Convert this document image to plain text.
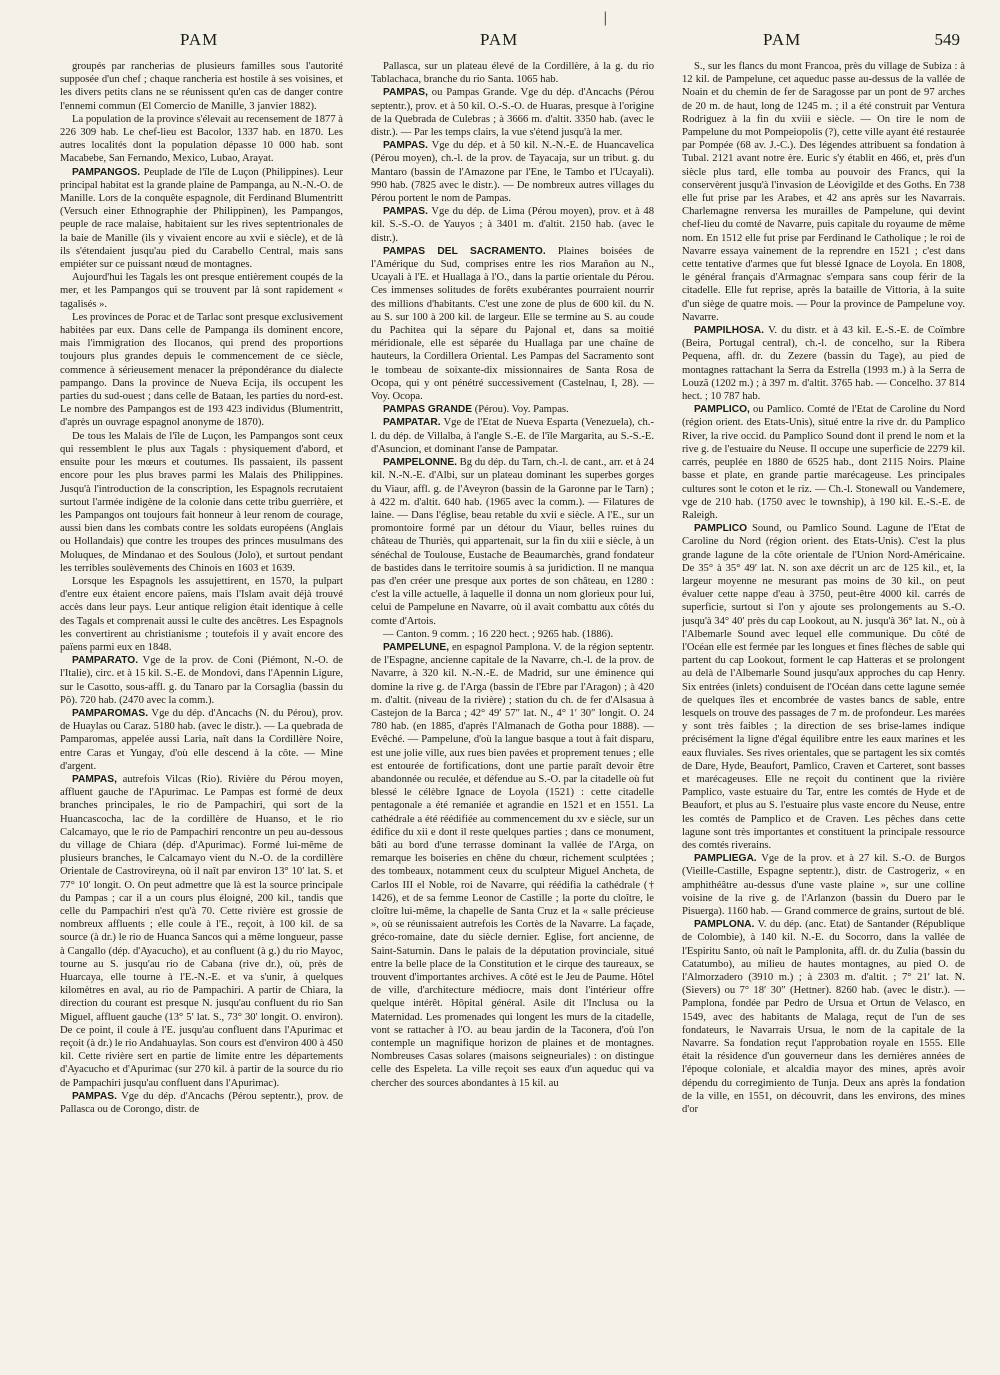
|
PAM	PAM	PAM	549

groupés par rancherias de plusieurs familles sous l'autorité supposée d'un chef ; chaque rancheria est hostile à ses voisines, et les divers petits clans ne se réunissent qu'en cas de danger contre l'ennemi commun (El Comercio de Manille, 3 janvier 1882).

La population de la province s'élevait au recensement de 1877 à 226 309 hab. Le chef-lieu est Bacolor, 1337 hab. en 1870. Les autres localités dont la population dépasse 10 000 hab. sont Macabebe, San Fernando, Mexico, Lubao, Arayat.

PAMPANGOS. Peuplade de l'île de Luçon (Philippines). Leur principal habitat est la grande plaine de Pampanga, au N.-N.-O. de Manille. Lors de la conquête espagnole, dit Ferdinand Blumentritt (Versuch einer Ethnographie der Philippinen), les Pampangos, peuple de race malaise, habitaient sur les rives septentrionales de la baie de Manille (ils y vivaient encore au xvii e siècle), et de là ils s'étendaient jusqu'au pied du Carabello Central, mais sans empiéter sur ce puissant nœud de montagnes.

Aujourd'hui les Tagals les ont presque entièrement coupés de la mer, et les Pampangos qui se trouvent par là sont rapidement « tagalisés ».

Les provinces de Porac et de Tarlac sont presque exclusivement habitées par eux. Dans celle de Pampanga ils dominent encore, mais l'immigration des Ilocanos, qui prend des proportions toujours plus grandes depuis le commencement de ce siècle, commence à sérieusement menacer la prépondérance du dialecte pampango. Dans la province de Nueva Ecija, ils occupent les parties du sud-ouest ; dans celle de Bataan, les parties du nord-est. Le nombre des Pampangos est de 193 423 individus (Blumentritt, d'après un ouvrage espagnol anonyme de 1870).

De tous les Malais de l'île de Luçon, les Pampangos sont ceux qui ressemblent le plus aux Tagals : physiquement d'abord, et ensuite pour les mœurs et coutumes. Ils passaient, ils passent encore pour les plus braves parmi les Malais des Philippines. Jusqu'à l'introduction de la conscription, les Espagnols recrutaient surtout l'armée indigène de la colonie dans cette tribu guerrière, et les Pampangos ont toujours fait honneur à leur renom de courage, aussi bien dans les combats contre les soldats européens (Anglais ou Hollandais) que contre les troupes des princes musulmans des Moluques, de Mindanao et des Soulous (Jolo), et surtout pendant les terribles soulèvements des Chinois en 1603 et 1639.

Lorsque les Espagnols les assujettirent, en 1570, la pulpart d'entre eux étaient encore païens, mais l'Islam avait déjà trouvé accès dans leur pays. Leur antique religion était identique à celle des Tagals et comprenait aussi le culte des ancêtres. Les Espagnols les convertirent au christianisme ; toutefois il y avait encore des païens parmi eux en 1848.

PAMPARATO. Vge de la prov. de Coni (Piémont, N.-O. de l'Italie), circ. et à 15 kil. S.-E. de Mondovi, dans l'Apennin Ligure, sur le Casotto, sous-affl. g. du Tanaro par la Corsaglia (bassin du Pô). 720 hab. (2470 avec la comm.).

PAMPAROMAS. Vge du dép. d'Ancachs (N. du Pérou), prov. de Huaylas ou Caraz. 5180 hab. (avec le distr.). — La quebrada de Pamparomas, appelée aussi Laria, naît dans la Cordillère Noire, entre Caras et Yungay, d'où elle descend à la côte. — Mine d'argent.

PAMPAS, autrefois Vilcas (Rio). Rivière du Pérou moyen, affluent gauche de l'Apurimac. Le Pampas est formé de deux branches principales, le rio de Pampachiri, qui sort de la Huancascocha, lac de la cordillère de Huanso, et le rio Calcamayo, que le rio de Pampachiri rencontre un peu au-dessous du village de Chiara (dép. d'Apurimac). Formé lui-même de plusieurs branches, le Calcamayo vient du N.-O. de la cordillère Orientale de Castrovireyna, où il naît par environ 13° 10′ lat. S. et 77° 10′ longit. O. On peut admettre que là est la source principale du Pampas ; car il a un cours plus éloigné, 200 kil., tandis que celle du Pampachiri n'est qu'à 70. Cette rivière est grossie de nombreux affluents ; elle coule à l'E., reçoit, à 100 kil. de sa source (à dr.) le rio de Huanca Sancos qui a même longueur, passe à Cangallo (dép. d'Ayacucho), et au confluent (à g.) du rio Mayoc, tourne au S. jusqu'au rio de Cabana (rive dr.), où, près de Huarcaya, elle tourne à l'E.-N.-E. et va s'unir, à quelques kilomètres en aval, au rio de Pampachiri. A partir de Chiara, la direction du courant est presque N. jusqu'au confluent du rio San Miguel, affluent gauche (13° 5′ lat. S., 73° 30′ longit. O. environ). De ce point, il coule à l'E. jusqu'au confluent dans l'Apurimac et reçoit (à dr.) le rio Andahuaylas. Son cours est d'environ 400 à 450 kil. Cette rivière sert en partie de limite entre les départements d'Ayacucho et d'Apurimac (sur 270 kil. à partir de la source du rio de Pampachiri jusqu'au confluent dans l'Apurimac).

PAMPAS. Vge du dép. d'Ancachs (Pérou septentr.), prov. de Pallasca ou de Corongo, distr. de

Pallasca, sur un plateau élevé de la Cordillère, à la g. du rio Tablachaca, branche du rio Santa. 1065 hab.

PAMPAS, ou Pampas Grande. Vge du dép. d'Ancachs (Pérou septentr.), prov. et à 50 kil. O.-S.-O. de Huaras, presque à l'origine de la Quebrada de Culebras ; à 3666 m. d'altit. 3350 hab. (avec le distr.). — Par les temps clairs, la vue s'étend jusqu'à la mer.

PAMPAS. Vge du dép. et à 50 kil. N.-N.-E. de Huancavelica (Pérou moyen), ch.-l. de la prov. de Tayacaja, sur un tribut. g. du Mantaro (bassin de l'Amazone par l'Ene, le Tambo et l'Ucayali). 990 hab. (7825 avec le distr.). — De nombreux autres villages du Pérou portent le nom de Pampas.

PAMPAS. Vge du dép. de Lima (Pérou moyen), prov. et à 48 kil. S.-S.-O. de Yauyos ; à 3401 m. d'altit. 2150 hab. (avec le distr.).

PAMPAS DEL SACRAMENTO. Plaines boisées de l'Amérique du Sud, comprises entre les rios Marañon au N., Ucayali à l'E. et Huallaga à l'O., dans la partie orientale du Pérou. Ces immenses solitudes de forêts exubérantes pourraient nourrir des millions d'habitants. C'est une zone de plus de 600 kil. du N. au S. sur 100 à 200 kil. de largeur. Elle se termine au S. au coude du Pachitea qui la sépare du Pajonal et, dans sa moitié méridionale, elle est séparée du Huallaga par une chaîne de hauteurs, la Cordillera Oriental. Les Pampas del Sacramento sont le tombeau de soixante-dix missionnaires de Santa Rosa de Ocopa, qui y ont pénétré successivement (Castelnau, I, 28). — Voy. Ocopa.

PAMPAS GRANDE (Pérou). Voy. Pampas.

PAMPATAR. Vge de l'Etat de Nueva Esparta (Venezuela), ch.-l. du dép. de Villalba, à l'angle S.-E. de l'île Margarita, au S.-S.-E. d'Asuncion, et dominant l'anse de Pampatar.

PAMPELONNE. Bg du dép. du Tarn, ch.-l. de cant., arr. et à 24 kil. N.-N.-E. d'Albi, sur un plateau dominant les superbes gorges du Viaur, affl. g. de l'Aveyron (bassin de la Garonne par le Tarn) ; à 422 m. d'altit. 640 hab. (1965 avec la comm.). — Filatures de laine. — Dans l'église, beau retable du xvii e siècle. A l'E., sur un promontoire formé par un détour du Viaur, belles ruines du château de Thuriès, qui appartenait, sur la fin du xiii e siècle, à un sénéchal de Toulouse, Eustache de Beaumarchès, grand fondateur de bastides dans le territoire soumis à sa juridiction. Il ne manqua pas d'en créer une presque aux portes de son château, en 1280 : c'est la ville actuelle, à laquelle il donna un nom glorieux pour lui, celui de Pampelune en Navarre, où il avait combattu aux côtés du comte d'Artois.

— Canton. 9 comm. ; 16 220 hect. ; 9265 hab. (1886).

PAMPELUNE, en espagnol Pamplona. V. de la région septentr. de l'Espagne, ancienne capitale de la Navarre, ch.-l. de la prov. de Navarre, à 320 kil. N.-N.-E. de Madrid, sur une éminence qui domine la rive g. de l'Arga (bassin de l'Ebre par l'Aragon) ; à 420 m. d'altit. (niveau de la rivière) ; station du ch. de fer d'Alsasua à Castejon de la Barca ; 42° 49′ 57″ lat. N., 4° 1′ 30″ longit. O. 24 780 hab. (en 1885, d'après l'Almanach de Gotha pour 1888). — Evêché. — Pampelune, d'où la langue basque a tout à fait disparu, est une jolie ville, aux rues bien pavées et proprement tenues ; elle est entourée de fortifications, dont une partie paraît devoir être abandonnée ou reculée, et défendue au S.-O. par la citadelle où fut blessé le célèbre Ignace de Loyola (1521) : cette citadelle pentagonale a été remaniée et agrandie en 1521 et en 1551. La cathédrale a été réédifiée au commencement du xv e siècle, sur un édifice du xii e dont il reste quelques parties ; dans ce monument, bâti au bord d'une terrasse dominant la vallée de l'Arga, on remarque les boiseries en chêne du chœur, richement sculptées ; des tombeaux, notamment ceux du sculpteur Miguel Ancheta, de Carlos III el Noble, roi de Navarre, qui réédifia la cathédrale († 1426), et de sa femme Leonor de Castille ; la porte du cloître, le cloître lui-même, la chapelle de Santa Cruz et la « salle précieuse », où se réunissaient autrefois les Cortès de la Navarre. La façade, gréco-romaine, date du siècle dernier. Eglise, fort ancienne, de Saint-Saturnin. Dans le palais de la députation provinciale, situé entre la belle place de la Constitution et le cirque des taureaux, se trouvent d'importantes archives. A côté est le Jeu de Paume. Hôtel de ville, d'architecture médiocre, mais dont l'intérieur offre quelque intérêt. Hôpital général. Asile dit l'Inclusa ou la Maternidad. Les promenades qui longent les murs de la citadelle, vont se rattacher à l'O. au beau jardin de la Taconera, d'où l'on contemple un magnifique horizon de plaines et de montagnes. Nombreuses Casas solares (maisons seigneuriales) : on distingue celle des Espeleta. La ville reçoit ses eaux d'un aqueduc qui va chercher des sources abondantes à 15 kil. au

S., sur les flancs du mont Francoa, près du village de Subiza : à 12 kil. de Pampelune, cet aqueduc passe au-dessus de la vallée de Noain et du chemin de fer de Saragosse par un pont de 97 arches de 20 m. de haut, long de 1245 m. ; il a été construit par Ventura Rodriguez à la fin du xviii e siècle. — On tire le nom de Pampelune du mot Pompeiopolis (?), cette ville ayant été restaurée par Pompée (68 av. J.-C.). Des légendes attribuent sa fondation à Tubal. 2121 avant notre ère. Euric s'y établit en 466, et, près d'un siècle plus tard, elle tomba au pouvoir des Francs, qui la conservèrent jusqu'à l'invasion de Léovigilde et des Goths. En 738 elle fut prise par les Arabes, et 42 ans après sur les Navarrais. Charlemagne renversa les murailles de Pampelune, qui devint chef-lieu du comté de Navarre, puis capitale du royaume de même nom. En 1512 elle fut prise par Ferdinand le Catholique ; le roi de Navarre essaya vainement de la reprendre en 1521 ; c'est dans cette tentative d'armes que fut blessé Ignace de Loyola. En 1808, le général français d'Armagnac s'empara sans coup férir de la citadelle. Elle fut reprise, après la bataille de Vittoria, à la suite d'un siège de quatre mois. — Pour la province de Pampelune voy. Navarre.

PAMPILHOSA. V. du distr. et à 43 kil. E.-S.-E. de Coïmbre (Beira, Portugal central), ch.-l. de concelho, sur la Ribera Pequena, affl. dr. du Zezere (bassin du Tage), au pied de montagnes rattachant la Serra da Estrella (1993 m.) à la Serra de Louzã (1202 m.) ; à 397 m. d'altit. 3765 hab. — Concelho. 37 814 hect. ; 10 787 hab.

PAMPLICO, ou Pamlico. Comté de l'Etat de Caroline du Nord (région orient. des Etats-Unis), situé entre la rive dr. du Pamplico River, la rive occid. du Pamplico Sound dont il prend le nom et la rive g. de l'estuaire du Neuse. Il occupe une superficie de 2279 kil. carrés, peuplée en 1880 de 6525 hab., dont 2115 Noirs. Plaine basse et plate, en grande partie marécageuse. Les principales cultures sont le coton et le riz. — Ch.-l. Stonewall ou Vandemere, vge de 210 hab. (1750 avec le township), à 190 kil. E.-S.-E. de Raleigh.

PAMPLICO Sound, ou Pamlico Sound. Lagune de l'Etat de Caroline du Nord (région orient. des Etats-Unis). C'est la plus grande lagune de la côte orientale de l'Union Nord-Américaine. De 35° à 35° 49′ lat. N. son axe décrit un arc de 125 kil., et, la largeur moyenne ne mesurant pas moins de 30 kil., on peut évaluer cette nappe d'eau à 3750, peut-être 4000 kil. carrés de superficie, surtout si l'on y ajoute ses prolongements au S.-O. jusqu'à 34° 40′ près du cap Lookout, au N. jusqu'à 36° lat. N., où à l'Albemarle Sound avec lequel elle communique. Du côté de l'Océan elle est fermée par les longues et fines flèches de sable qui partent du cap Lookout, forment le cap Hatteras et se prolongent au delà de l'Albemarle Sound jusqu'aux approches du cap Henry. Six entrées (inlets) conduisent de l'Océan dans cette lagune semée de quelques îles et encombrée de vastes bancs de sable, entre lesquels on trouve des passages de 7 m. de profondeur. Les marées y sont très faibles ; la direction de ses brise-lames indique précisément la ligne d'égal équilibre entre les eaux marines et les eaux fluviales. Ses rives orientales, que se partagent les six comtés de Dare, Hyde, Beaufort, Pamlico, Craven et Carteret, sont basses et marécageuses. Elle ne reçoit du continent que la rivière Pamplico, vaste estuaire du Tar, entre les comtés de Hyde et de Beaufort, et plus au S. l'estuaire plus vaste encore du Neuse, entre les comtés de Pamplico et de Craven. Les pêches dans cette lagune sont très importantes et constituent la principale ressource des comtés riverains.

PAMPLIEGA. Vge de la prov. et à 27 kil. S.-O. de Burgos (Vieille-Castille, Espagne septentr.), distr. de Castrogeriz, « en amphithéâtre au-dessus d'une vaste plaine », sur une colline voisine de la rive g. de l'Arlanzon (bassin du Duero par le Pisuerga). 1160 hab. — Grand commerce de grains, surtout de blé.

PAMPLONA. V. du dép. (anc. Etat) de Santander (République de Colombie), à 140 kil. N.-E. du Socorro, dans la vallée de l'Espiritu Santo, où naît le Pamplonita, affl. dr. du Zulia (bassin du Catatumbo), au milieu de hautes montagnes, au pied O. de l'Almorzadero (3910 m.) ; à 2303 m. d'altit. ; 7° 21′ lat. N. (Sievers) ou 7° 18′ 30″ (Hettner). 8260 hab. (avec le distr.). — Pamplona, fondée par Pedro de Ursua et Ortun de Velasco, en 1549, avec des habitants de Malaga, reçut de l'un de ses fondateurs, le Navarrais Ursua, le nom de la capitale de la Navarre. Sa fondation reçut l'approbation royale en 1555. Elle était la résidence d'un gouverneur dans les dernières années de l'époque coloniale, et alcaldia mayor des mines, après avoir dépendu du corregimiento de Tunja. Deux ans après la fondation de la ville, en 1551, on découvrit, dans les environs, des mines d'or
